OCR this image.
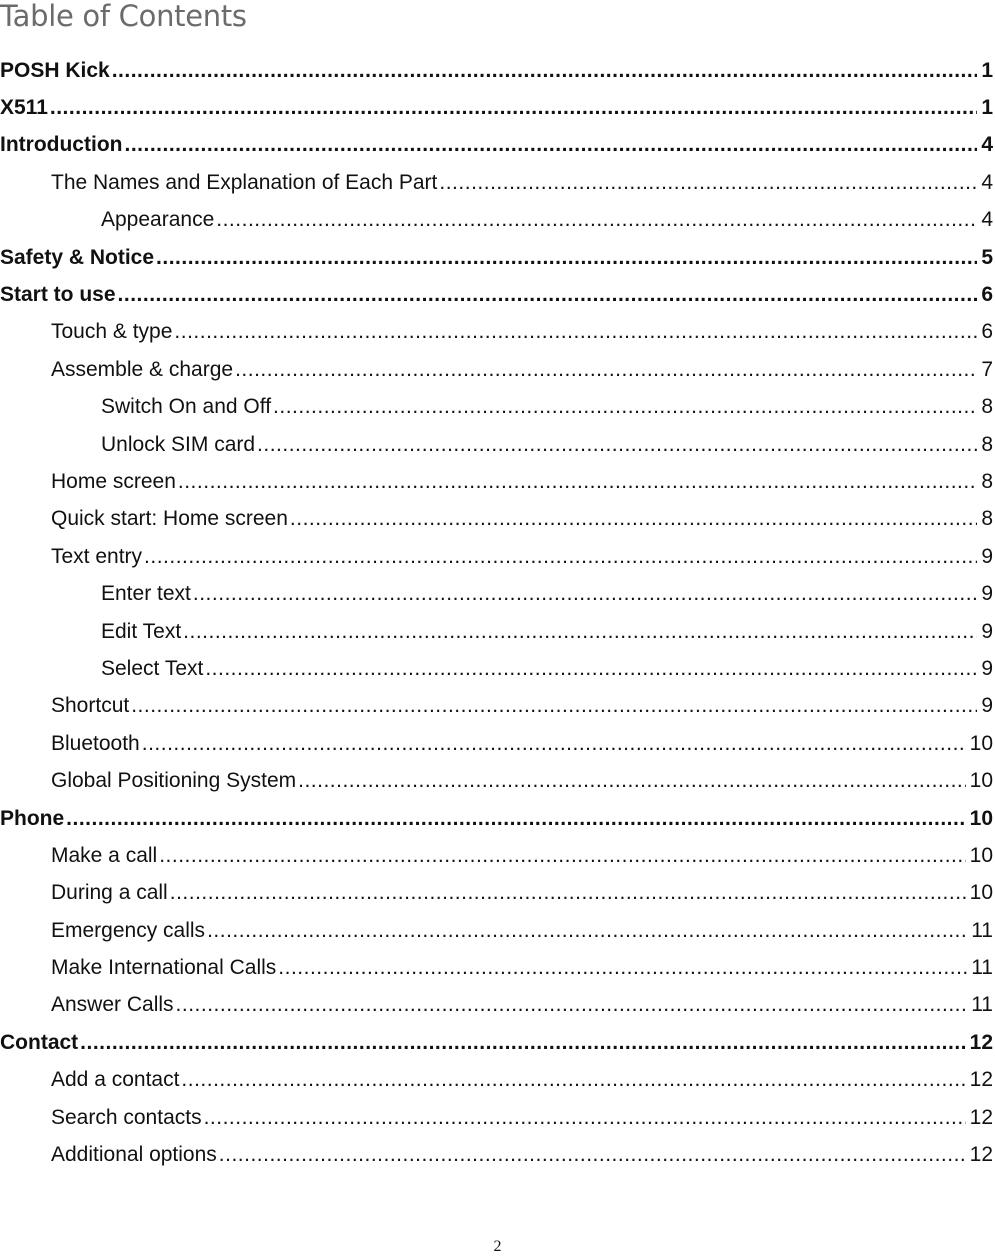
Table of Contents
POSH Kick .....	1
X511 .....	1
Introduction .....	4
The Names and Explanation of Each Part .....	4
Appearance .....	4
Safety & Notice .....	5
Start to use .....	6
Touch & type .....	6
Assemble & charge .....	7
Switch On and Off .....	8
Unlock SIM card .....	8
Home screen .....	8
Quick start: Home screen .....	8
Text entry .....	9
Enter text .....	9
Edit Text .....	9
Select Text .....	9
Shortcut .....	9
Bluetooth .....	10
Global Positioning System .....	10
Phone .....	10
Make a call .....	10
During a call .....	10
Emergency calls .....	11
Make International Calls .....	11
Answer Calls .....	11
Contact .....	12
Add a contact .....	12
Search contacts .....	12
Additional options .....	12
2
